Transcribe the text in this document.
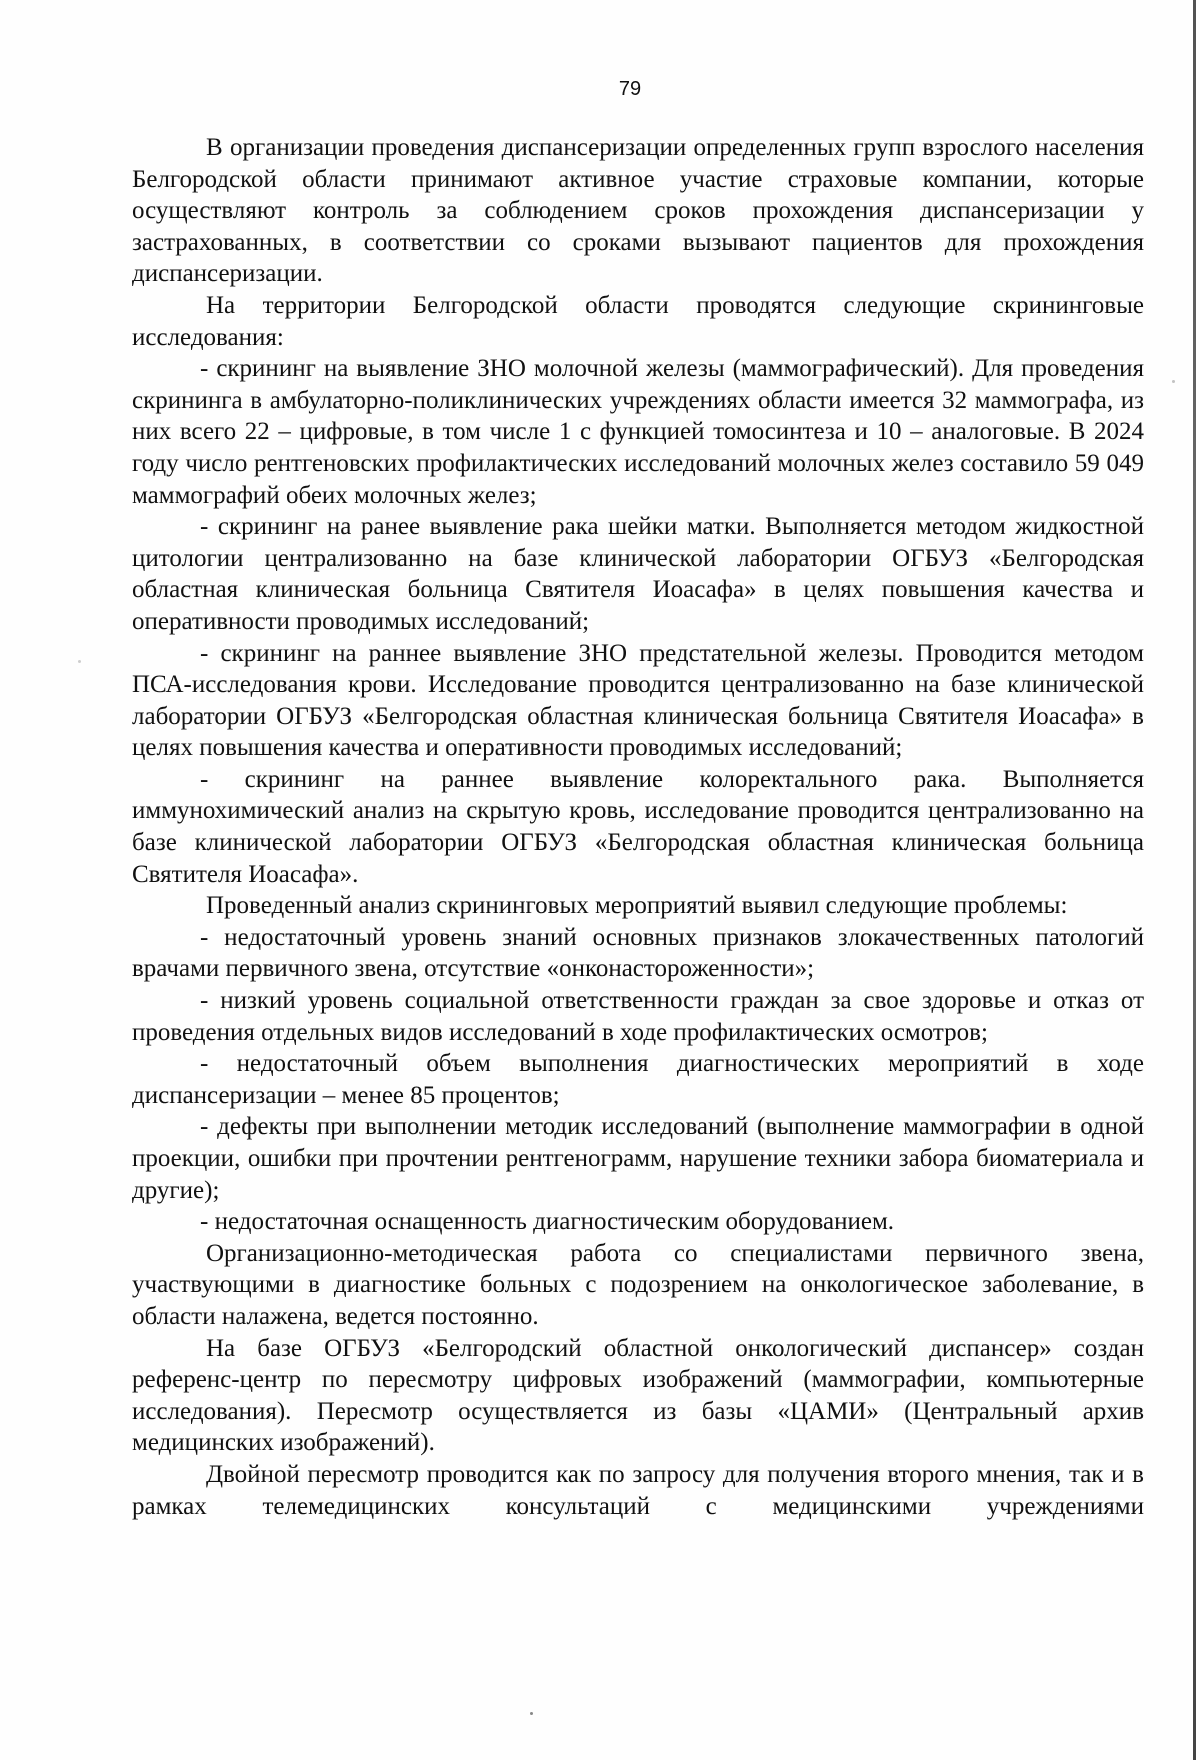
79

В организации проведения диспансеризации определенных групп взрослого населения Белгородской области принимают активное участие страховые компании, которые осуществляют контроль за соблюдением сроков прохождения диспансеризации у застрахованных, в соответствии со сроками вызывают пациентов для прохождения диспансеризации.

На территории Белгородской области проводятся следующие скрининговые исследования:

- скрининг на выявление ЗНО молочной железы (маммографический). Для проведения скрининга в амбулаторно-поликлинических учреждениях области имеется 32 маммографа, из них всего 22 – цифровые, в том числе 1 с функцией томосинтеза и 10 – аналоговые. В 2024 году число рентгеновских профилактических исследований молочных желез составило 59 049 маммографий обеих молочных желез;

- скрининг на ранее выявление рака шейки матки. Выполняется методом жидкостной цитологии централизованно на базе клинической лаборатории ОГБУЗ «Белгородская областная клиническая больница Святителя Иоасафа» в целях повышения качества и оперативности проводимых исследований;

- скрининг на раннее выявление ЗНО предстательной железы. Проводится методом ПСА-исследования крови. Исследование проводится централизованно на базе клинической лаборатории ОГБУЗ «Белгородская областная клиническая больница Святителя Иоасафа» в целях повышения качества и оперативности проводимых исследований;

- скрининг на раннее выявление колоректального рака. Выполняется иммунохимический анализ на скрытую кровь, исследование проводится централизованно на базе клинической лаборатории ОГБУЗ «Белгородская областная клиническая больница Святителя Иоасафа».

Проведенный анализ скрининговых мероприятий выявил следующие проблемы:

- недостаточный уровень знаний основных признаков злокачественных патологий врачами первичного звена, отсутствие «онконастороженности»;

- низкий уровень социальной ответственности граждан за свое здоровье и отказ от проведения отдельных видов исследований в ходе профилактических осмотров;

- недостаточный объем выполнения диагностических мероприятий в ходе диспансеризации – менее 85 процентов;

- дефекты при выполнении методик исследований (выполнение маммографии в одной проекции, ошибки при прочтении рентгенограмм, нарушение техники забора биоматериала и другие);

- недостаточная оснащенность диагностическим оборудованием.

Организационно-методическая работа со специалистами первичного звена, участвующими в диагностике больных с подозрением на онкологическое заболевание, в области налажена, ведется постоянно.

На базе ОГБУЗ «Белгородский областной онкологический диспансер» создан референс-центр по пересмотру цифровых изображений (маммографии, компьютерные исследования). Пересмотр осуществляется из базы «ЦАМИ» (Центральный архив медицинских изображений).

Двойной пересмотр проводится как по запросу для получения второго мнения, так и в рамках телемедицинских консультаций с медицинскими учреждениями
